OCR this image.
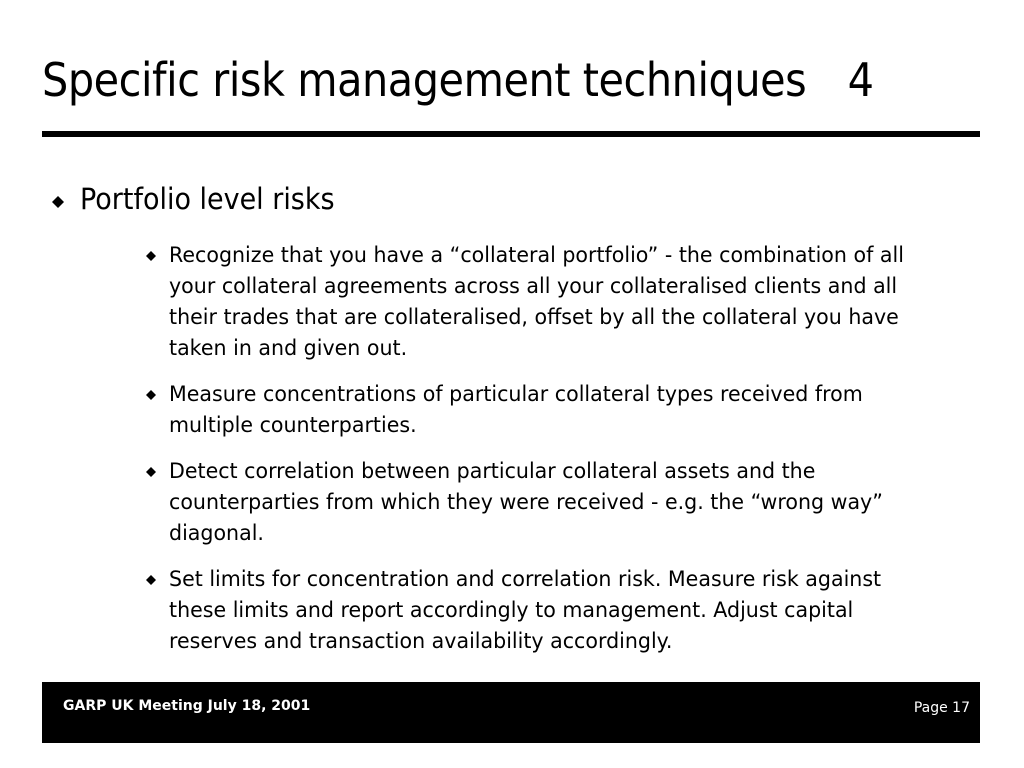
Specific risk management techniques 4
Portfolio level risks
Recognize that you have a “collateral portfolio” - the combination of all your collateral agreements across all your collateralised clients and all their trades that are collateralised, offset by all the collateral you have taken in and given out.
Measure concentrations of particular collateral types received from multiple counterparties.
Detect correlation between particular collateral assets and the counterparties from which they were received - e.g. the “wrong way” diagonal.
Set limits for concentration and correlation risk. Measure risk against these limits and report accordingly to management. Adjust capital reserves and transaction availability accordingly.
GARP UK Meeting July 18, 2001	Page 17
